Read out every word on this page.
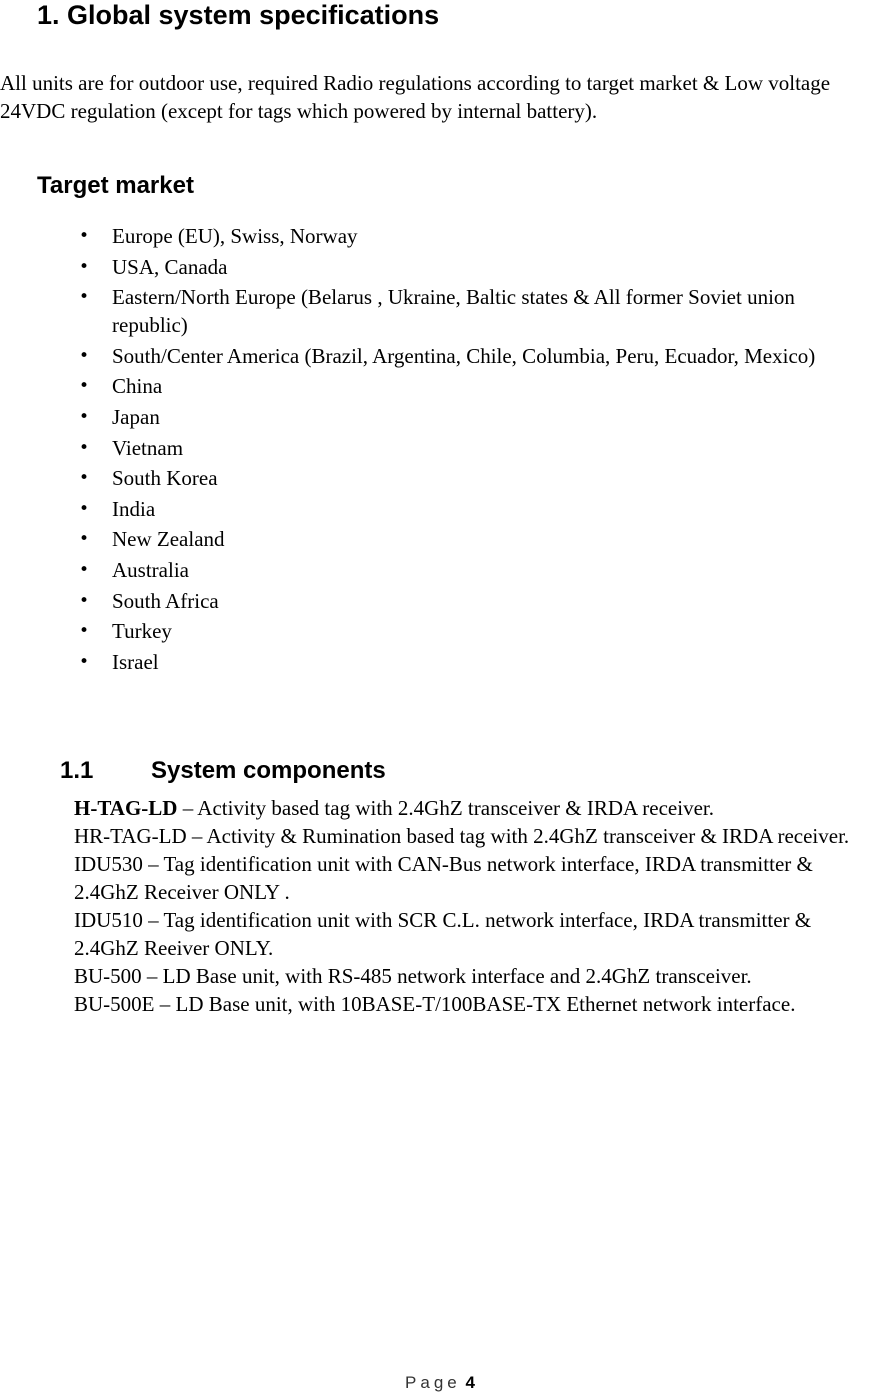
1. Global system specifications
All units are for outdoor use, required Radio regulations according to target market & Low voltage 24VDC regulation (except for tags which powered by internal battery).
Target market
• Europe (EU), Swiss, Norway
• USA, Canada
• Eastern/North Europe (Belarus , Ukraine, Baltic states & All former Soviet union republic)
• South/Center America (Brazil, Argentina, Chile, Columbia, Peru, Ecuador, Mexico)
• China
• Japan
• Vietnam
• South Korea
• India
• New Zealand
• Australia
• South Africa
• Turkey
• Israel
1.1 System components

H-TAG-LD – Activity based tag with 2.4GhZ transceiver & IRDA receiver.

HR-TAG-LD – Activity & Rumination based tag with 2.4GhZ transceiver & IRDA receiver.

IDU530 – Tag identification unit with CAN-Bus network interface, IRDA transmitter & 2.4GhZ Receiver ONLY .

IDU510 – Tag identification unit with SCR C.L. network interface, IRDA transmitter & 2.4GhZ Reeiver ONLY.

BU-500 – LD Base unit, with RS-485 network interface and 2.4GhZ transceiver.

BU-500E – LD Base unit, with 10BASE-T/100BASE-TX Ethernet network interface.

Page 4
